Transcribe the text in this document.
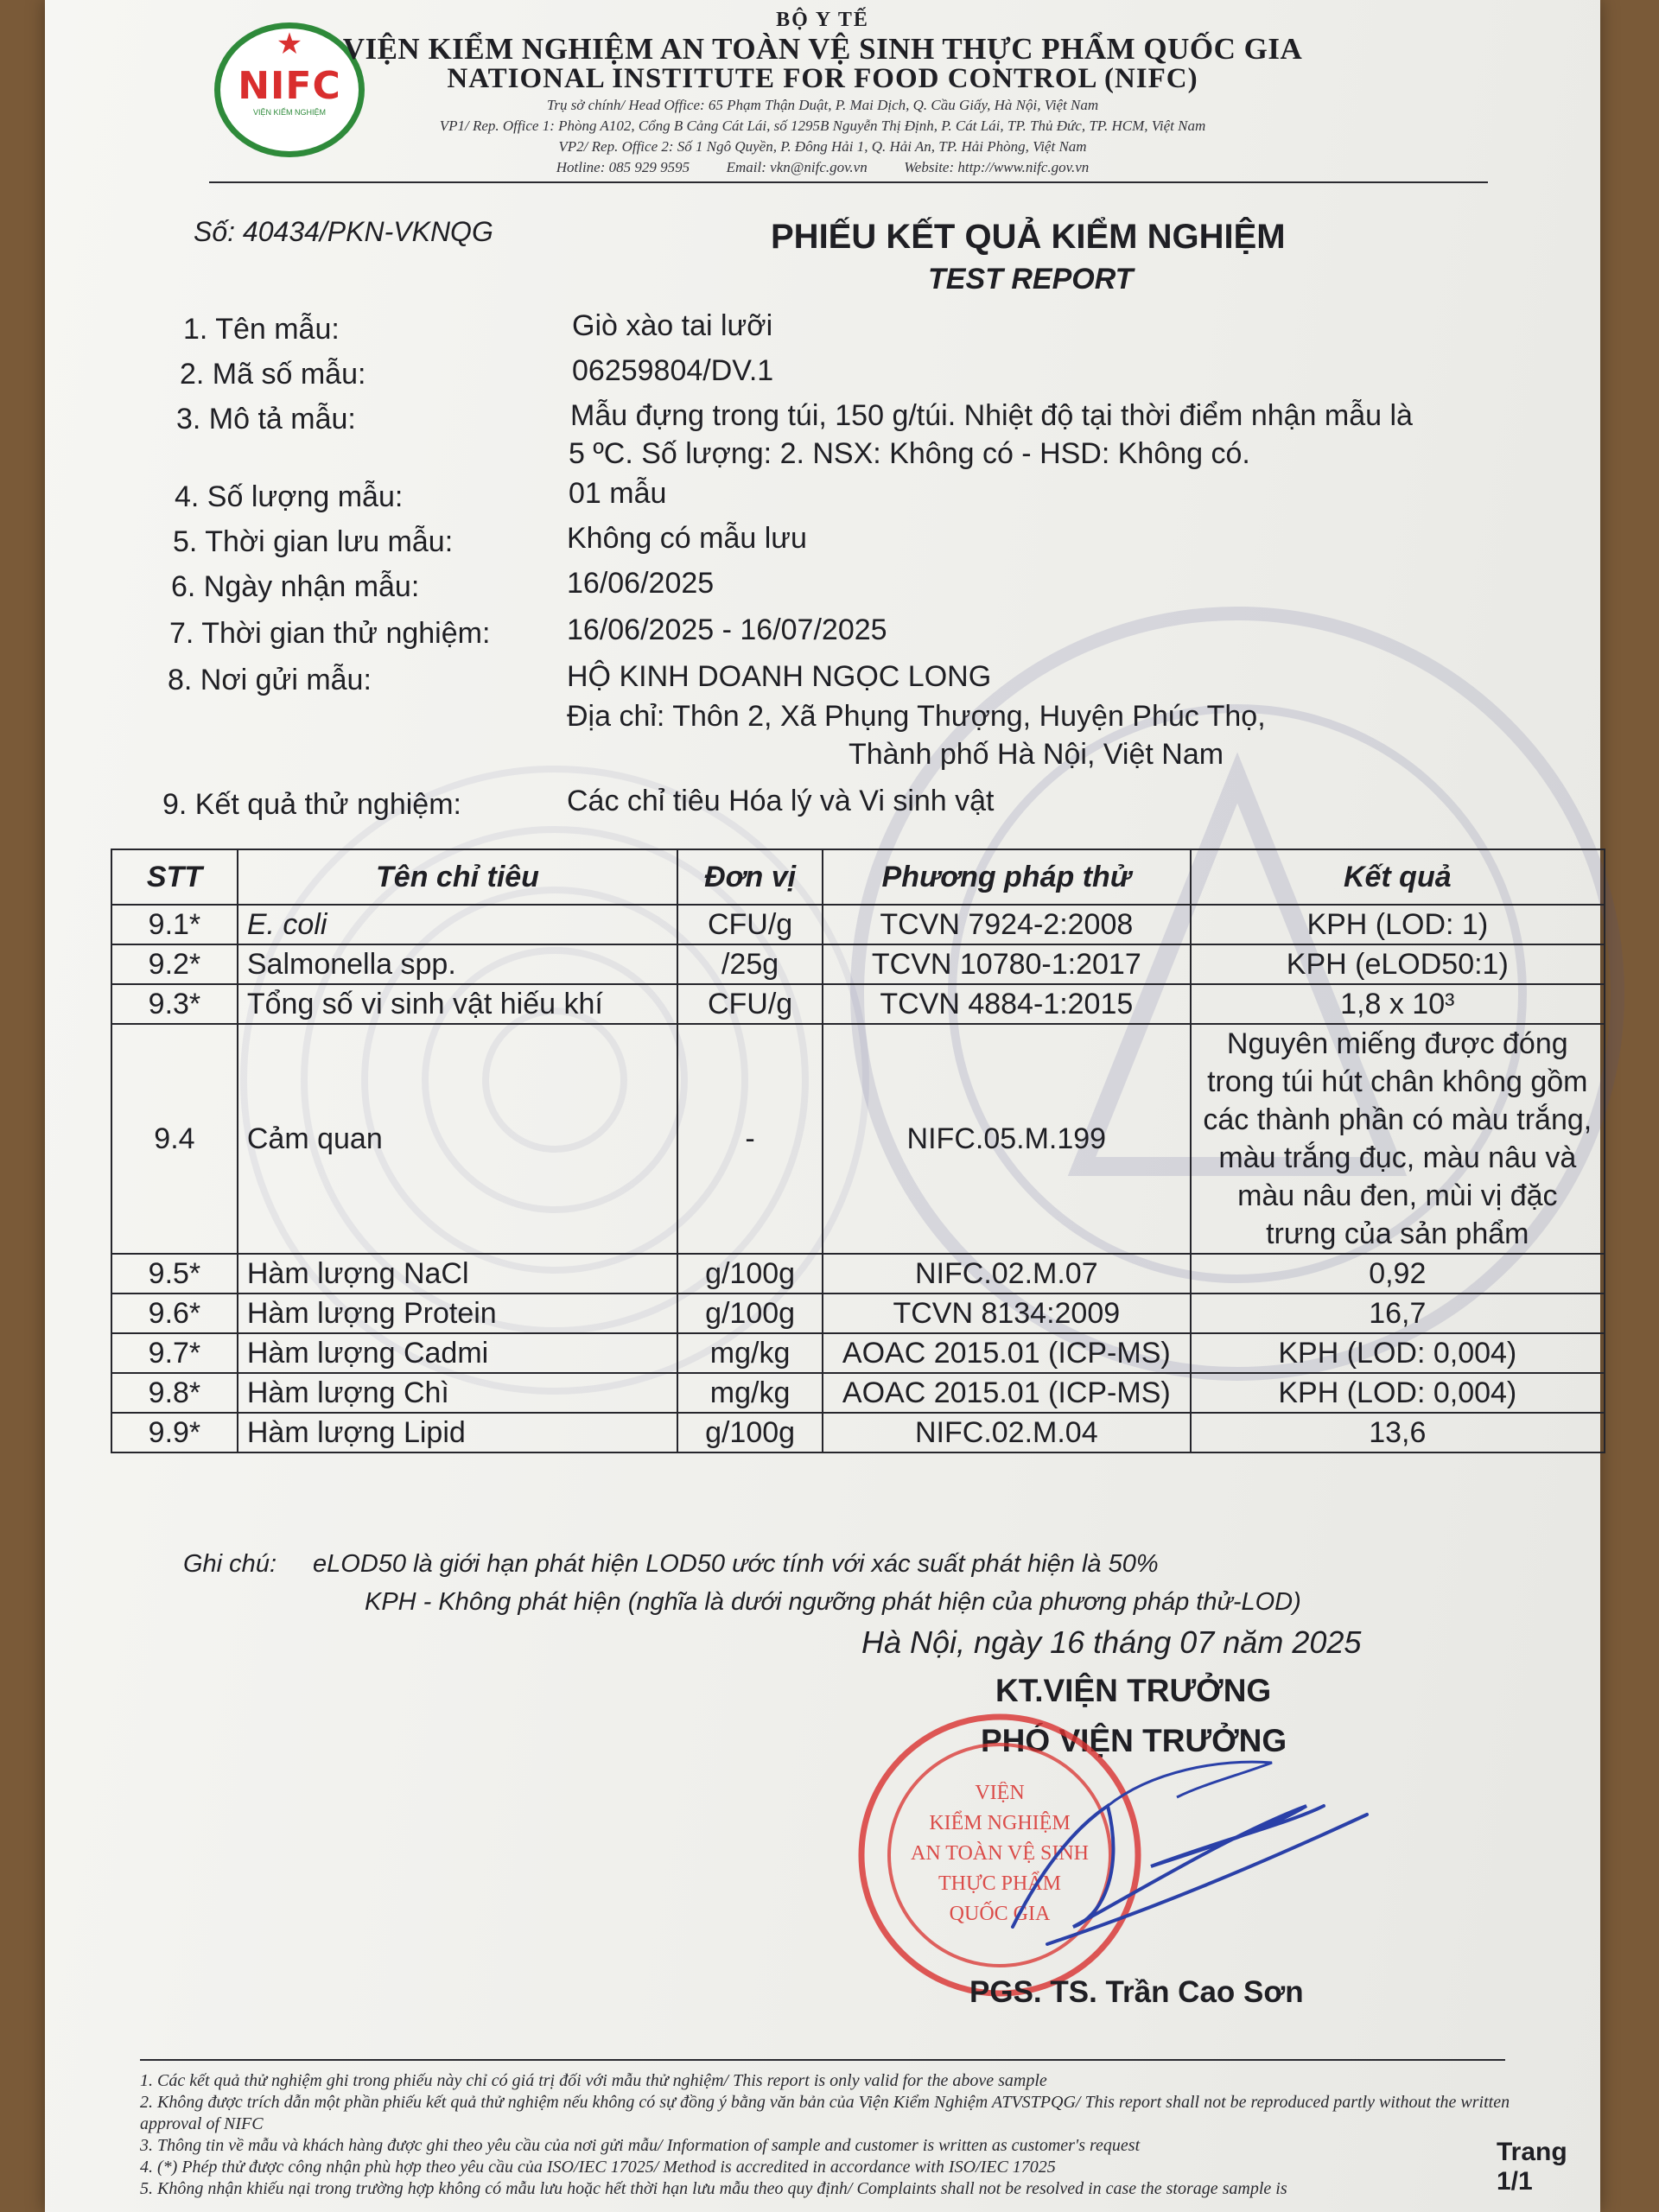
★
NIFC
VIỆN KIỂM NGHIỆM
BỘ Y TẾ
VIỆN KIỂM NGHIỆM AN TOÀN VỆ SINH THỰC PHẨM QUỐC GIA
NATIONAL INSTITUTE FOR FOOD CONTROL (NIFC)
Trụ sở chính/ Head Office: 65 Phạm Thận Duật, P. Mai Dịch, Q. Cầu Giấy, Hà Nội, Việt Nam
VP1/ Rep. Office 1: Phòng A102, Cổng B Cảng Cát Lái, số 1295B Nguyễn Thị Định, P. Cát Lái, TP. Thủ Đức, TP. HCM, Việt Nam
VP2/ Rep. Office 2: Số 1 Ngô Quyền, P. Đông Hải 1, Q. Hải An, TP. Hải Phòng, Việt Nam
Hotline: 085 929 9595          Email: vkn@nifc.gov.vn          Website: http://www.nifc.gov.vn
Số: 40434/PKN-VKNQG	PHIẾU KẾT QUẢ KIỂM NGHIỆM
TEST REPORT
1. Tên mẫu:	Giò xào tai lưỡi
2. Mã số mẫu:	06259804/DV.1
3. Mô tả mẫu:	Mẫu đựng trong túi, 150 g/túi. Nhiệt độ tại thời điểm nhận mẫu là
5 ºC. Số lượng: 2. NSX: Không có - HSD: Không có.
4. Số lượng mẫu:	01 mẫu
5. Thời gian lưu mẫu:	Không có mẫu lưu
6. Ngày nhận mẫu:	16/06/2025
7. Thời gian thử nghiệm:	16/06/2025 - 16/07/2025
8. Nơi gửi mẫu:	HỘ KINH DOANH NGỌC LONG
Địa chỉ: Thôn 2, Xã Phụng Thượng, Huyện Phúc Thọ,
Thành phố Hà Nội, Việt Nam
9. Kết quả thử nghiệm:	Các chỉ tiêu Hóa lý và Vi sinh vật
STT	Tên chỉ tiêu	Đơn vị	Phương pháp thử	Kết quả
9.1*	E. coli	CFU/g	TCVN 7924-2:2008	KPH (LOD: 1)
9.2*	Salmonella spp.	/25g	TCVN 10780-1:2017	KPH (eLOD50:1)
9.3*	Tổng số vi sinh vật hiếu khí	CFU/g	TCVN 4884-1:2015	1,8 x 10³
9.4	Cảm quan	-	NIFC.05.M.199	Nguyên miếng được đóng trong túi hút chân không gồm các thành phần có màu trắng, màu trắng đục, màu nâu và màu nâu đen, mùi vị đặc trưng của sản phẩm
9.5*	Hàm lượng NaCl	g/100g	NIFC.02.M.07	0,92
9.6*	Hàm lượng Protein	g/100g	TCVN 8134:2009	16,7
9.7*	Hàm lượng Cadmi	mg/kg	AOAC 2015.01 (ICP-MS)	KPH (LOD: 0,004)
9.8*	Hàm lượng Chì	mg/kg	AOAC 2015.01 (ICP-MS)	KPH (LOD: 0,004)
9.9*	Hàm lượng Lipid	g/100g	NIFC.02.M.04	13,6
Ghi chú: eLOD50 là giới hạn phát hiện LOD50 ước tính với xác suất phát hiện là 50%
KPH - Không phát hiện (nghĩa là dưới ngưỡng phát hiện của phương pháp thử-LOD)
Hà Nội, ngày 16 tháng 07 năm 2025
KT.VIỆN TRƯỞNG
PHÓ VIỆN TRƯỞNG
VIỆN
KIỂM NGHIỆM
AN TOÀN VỆ SINH
THỰC PHẨM
QUỐC GIA
PGS. TS. Trần Cao Sơn
1. Các kết quả thử nghiệm ghi trong phiếu này chỉ có giá trị đối với mẫu thử nghiệm/ This report is only valid for the above sample
2. Không được trích dẫn một phần phiếu kết quả thử nghiệm nếu không có sự đồng ý bằng văn bản của Viện Kiểm Nghiệm ATVSTPQG/ This report shall not be reproduced partly without the written approval of NIFC
3. Thông tin về mẫu và khách hàng được ghi theo yêu cầu của nơi gửi mẫu/ Information of sample and customer is written as customer's request
4. (*) Phép thử được công nhận phù hợp theo yêu cầu của ISO/IEC 17025/ Method is accredited in accordance with ISO/IEC 17025
5. Không nhận khiếu nại trong trường hợp không có mẫu lưu hoặc hết thời hạn lưu mẫu theo quy định/ Complaints shall not be resolved in case the storage sample is
Trang 1/1
